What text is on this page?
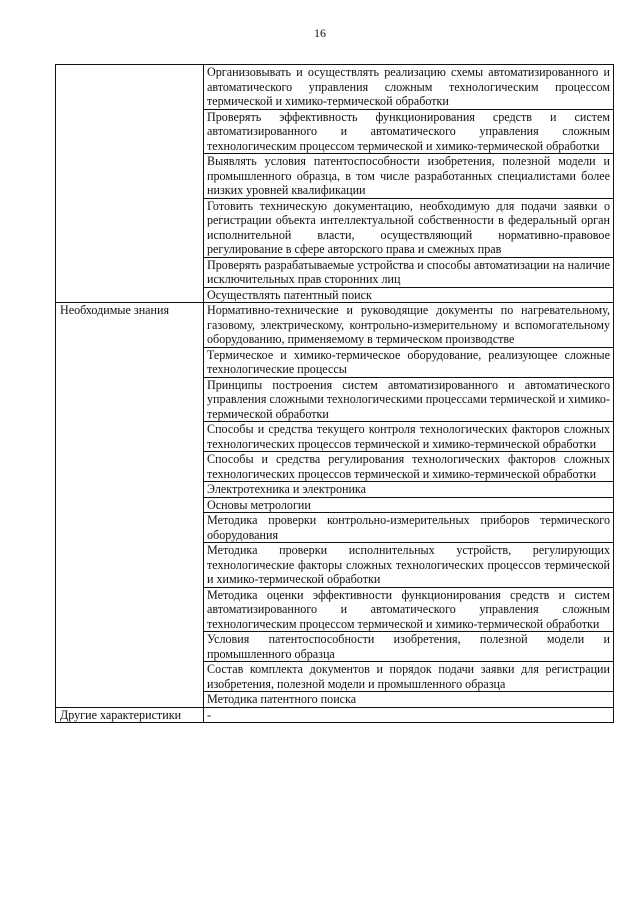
16
	Организовывать и осуществлять реализацию схемы автоматизированного и автоматического управления сложным технологическим процессом термической и химико-термической обработки
	Проверять эффективность функционирования средств и систем автоматизированного и автоматического управления сложным технологическим процессом термической и химико-термической обработки
	Выявлять условия патентоспособности изобретения, полезной модели и промышленного образца, в том числе разработанных специалистами более низких уровней квалификации
	Готовить техническую документацию, необходимую для подачи заявки о регистрации объекта интеллектуальной собственности в федеральный орган исполнительной власти, осуществляющий нормативно-правовое регулирование в сфере авторского права и смежных прав
	Проверять разрабатываемые устройства и способы автоматизации на наличие исключительных прав сторонних лиц
	Осуществлять патентный поиск
Необходимые знания	Нормативно-технические и руководящие документы по нагревательному, газовому, электрическому, контрольно-измерительному и вспомогательному оборудованию, применяемому в термическом производстве
	Термическое и химико-термическое оборудование, реализующее сложные технологические процессы
	Принципы построения систем автоматизированного и автоматического управления сложными технологическими процессами термической и химико-термической обработки
	Способы и средства текущего контроля технологических факторов сложных технологических процессов термической и химико-термической обработки
	Способы и средства регулирования технологических факторов сложных технологических процессов термической и химико-термической обработки
	Электротехника и электроника
	Основы метрологии
	Методика проверки контрольно-измерительных приборов термического оборудования
	Методика проверки исполнительных устройств, регулирующих технологические факторы сложных технологических процессов термической и химико-термической обработки
	Методика оценки эффективности функционирования средств и систем автоматизированного и автоматического управления сложным технологическим процессом термической и химико-термической обработки
	Условия патентоспособности изобретения, полезной модели и промышленного образца
	Состав комплекта документов и порядок подачи заявки для регистрации изобретения, полезной модели и промышленного образца
	Методика патентного поиска
Другие характеристики	-
